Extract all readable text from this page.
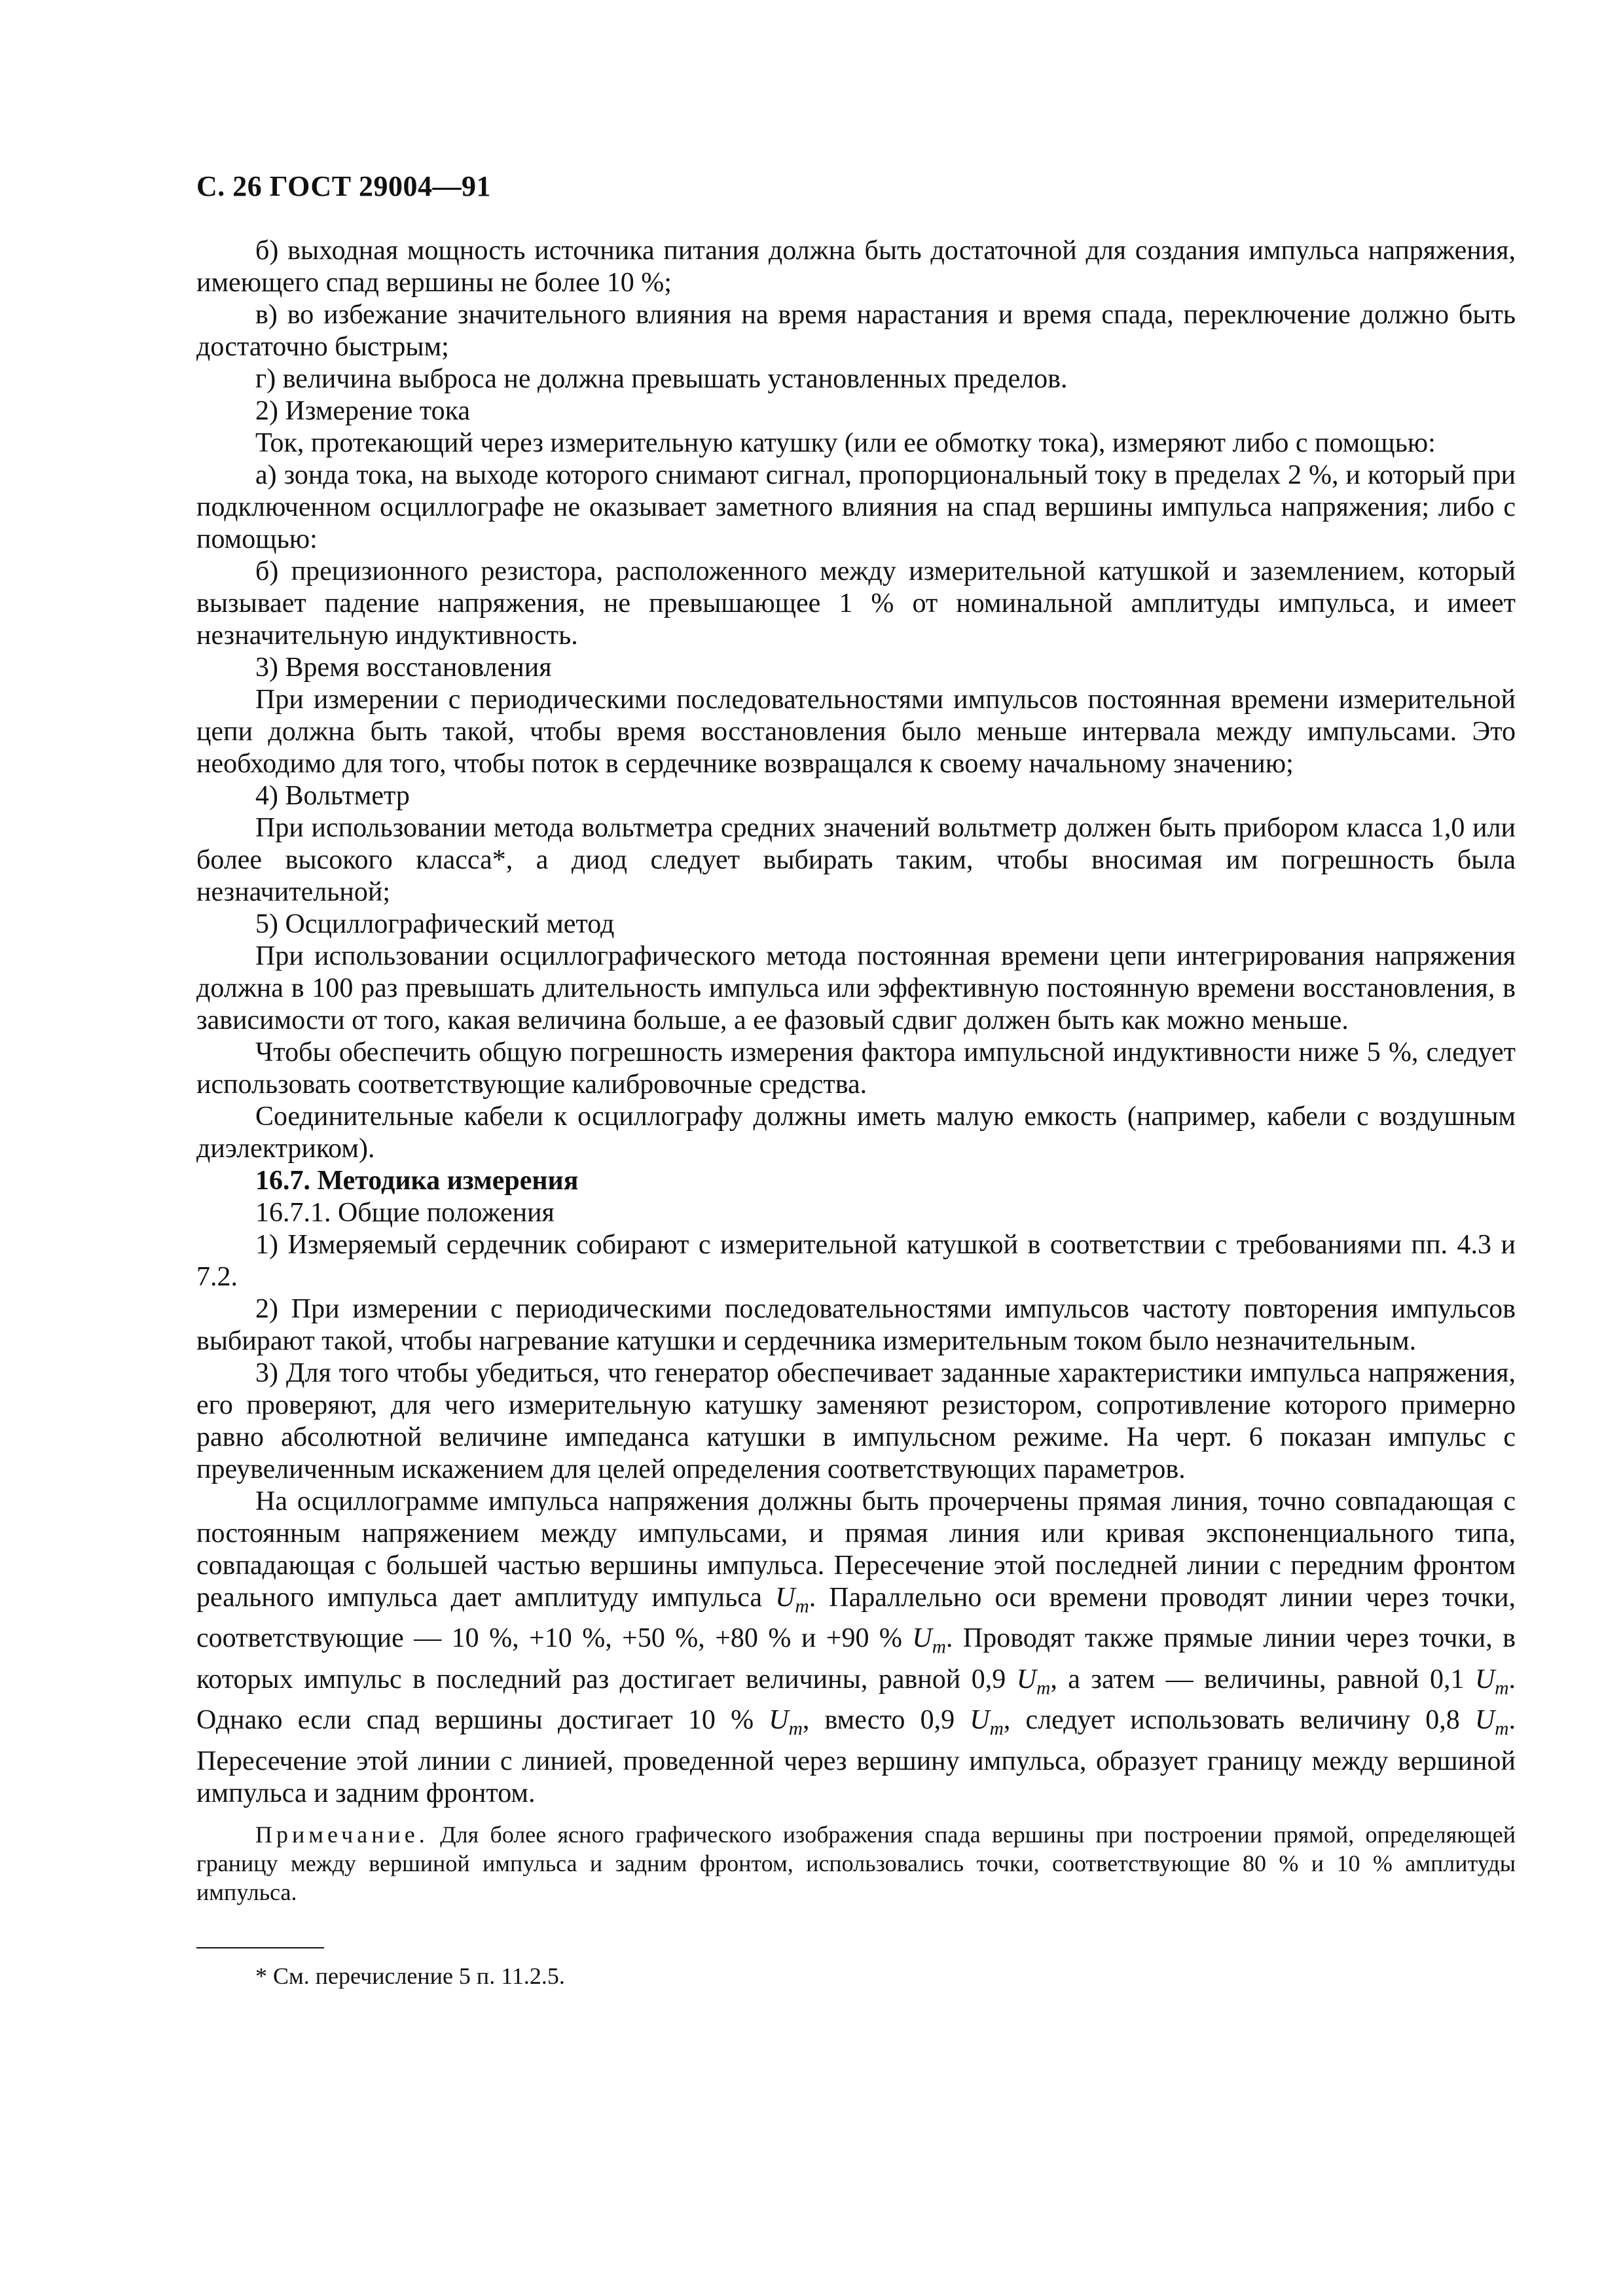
С. 26 ГОСТ 29004—91

б) выходная мощность источника питания должна быть достаточной для создания импульса напряжения, имеющего спад вершины не более 10 %;

в) во избежание значительного влияния на время нарастания и время спада, переключение должно быть достаточно быстрым;

г) величина выброса не должна превышать установленных пределов.

2) Измерение тока

Ток, протекающий через измерительную катушку (или ее обмотку тока), измеряют либо с помощью:

а) зонда тока, на выходе которого снимают сигнал, пропорциональный току в пределах 2 %, и который при подключенном осциллографе не оказывает заметного влияния на спад вершины импульса напряжения; либо с помощью:

б) прецизионного резистора, расположенного между измерительной катушкой и заземлением, который вызывает падение напряжения, не превышающее 1 % от номинальной амплитуды импульса, и имеет незначительную индуктивность.

3) Время восстановления

При измерении с периодическими последовательностями импульсов постоянная времени измерительной цепи должна быть такой, чтобы время восстановления было меньше интервала между импульсами. Это необходимо для того, чтобы поток в сердечнике возвращался к своему начальному значению;

4) Вольтметр

При использовании метода вольтметра средних значений вольтметр должен быть прибором класса 1,0 или более высокого класса*, а диод следует выбирать таким, чтобы вносимая им погрешность была незначительной;

5) Осциллографический метод

При использовании осциллографического метода постоянная времени цепи интегрирования напряжения должна в 100 раз превышать длительность импульса или эффективную постоянную времени восстановления, в зависимости от того, какая величина больше, а ее фазовый сдвиг должен быть как можно меньше.

Чтобы обеспечить общую погрешность измерения фактора импульсной индуктивности ниже 5 %, следует использовать соответствующие калибровочные средства.

Соединительные кабели к осциллографу должны иметь малую емкость (например, кабели с воздушным диэлектриком).

16.7. Методика измерения

16.7.1. Общие положения

1) Измеряемый сердечник собирают с измерительной катушкой в соответствии с требованиями пп. 4.3 и 7.2.

2) При измерении с периодическими последовательностями импульсов частоту повторения импульсов выбирают такой, чтобы нагревание катушки и сердечника измерительным током было незначительным.

3) Для того чтобы убедиться, что генератор обеспечивает заданные характеристики импульса напряжения, его проверяют, для чего измерительную катушку заменяют резистором, сопротивление которого примерно равно абсолютной величине импеданса катушки в импульсном режиме. На черт. 6 показан импульс с преувеличенным искажением для целей определения соответствующих параметров.

На осциллограмме импульса напряжения должны быть прочерчены прямая линия, точно совпадающая с постоянным напряжением между импульсами, и прямая линия или кривая экспоненциального типа, совпадающая с большей частью вершины импульса. Пересечение этой последней линии с передним фронтом реального импульса дает амплитуду импульса $U_m$. Параллельно оси времени проводят линии через точки, соответствующие — 10 %, +10 %, +50 %, +80 % и +90 % $U_m$. Проводят также прямые линии через точки, в которых импульс в последний раз достигает величины, равной 0,9 $U_m$, а затем — величины, равной 0,1 $U_m$. Однако если спад вершины достигает 10 % $U_m$, вместо 0,9 $U_m$, следует использовать величину 0,8 $U_m$. Пересечение этой линии с линией, проведенной через вершину импульса, образует границу между вершиной импульса и задним фронтом.

Примечание. Для более ясного графического изображения спада вершины при построении прямой, определяющей границу между вершиной импульса и задним фронтом, использовались точки, соответствующие 80 % и 10 % амплитуды импульса.

* См. перечисление 5 п. 11.2.5.
